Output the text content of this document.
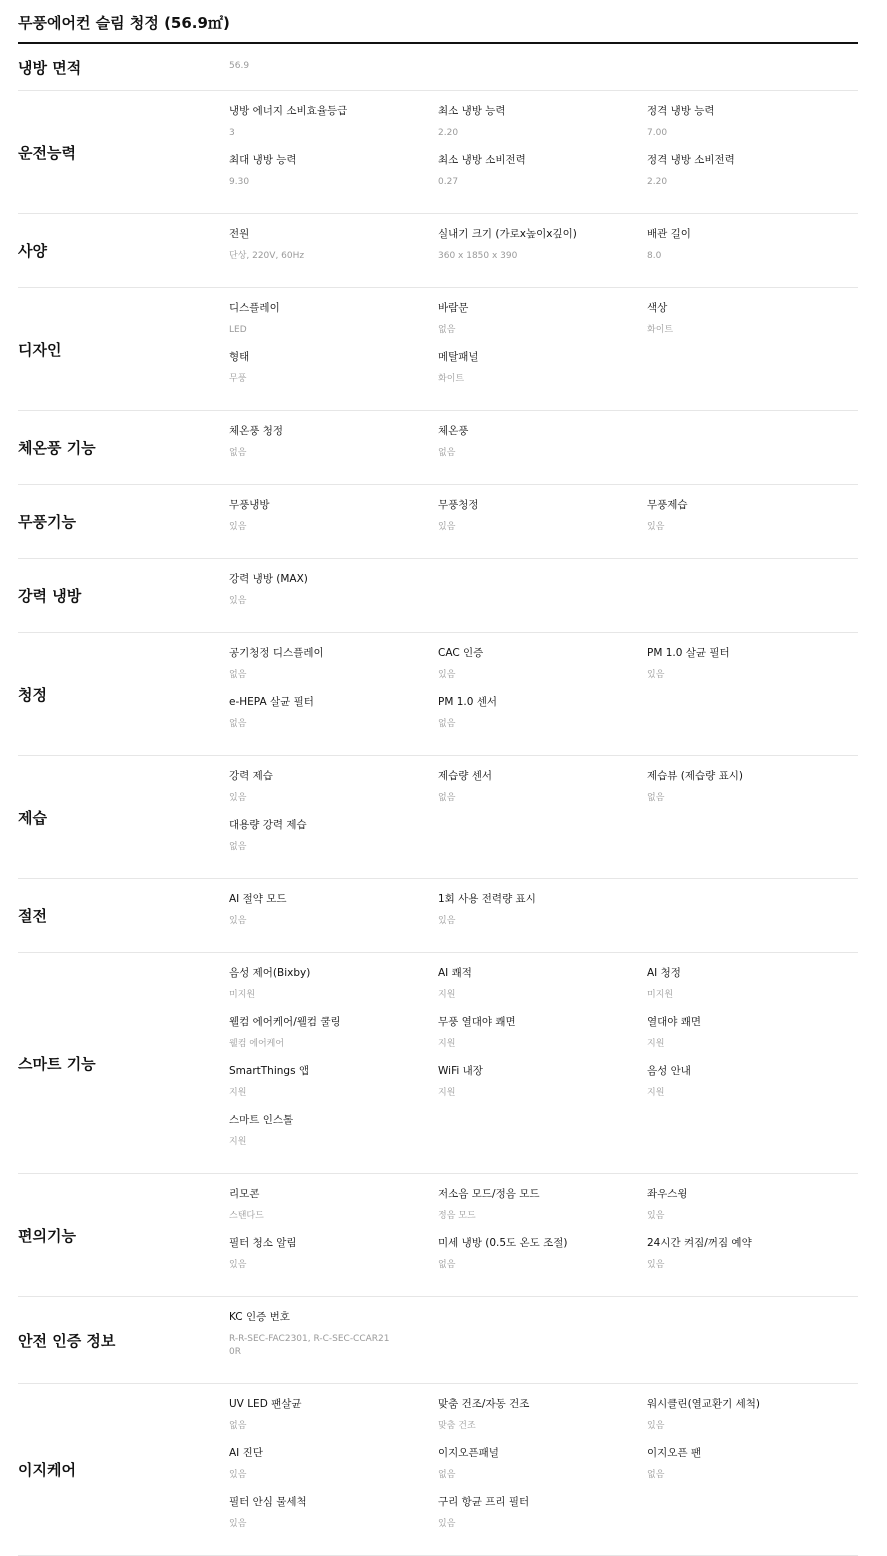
무풍에어컨 슬림 청정 (56.9㎡)
냉방 면적	56.9
운전능력
냉방 에너지 소비효율등급
3
최소 냉방 능력
2.20
정격 냉방 능력
7.00
최대 냉방 능력
9.30
최소 냉방 소비전력
0.27
정격 냉방 소비전력
2.20
사양
전원
단상, 220V, 60Hz
실내기 크기 (가로x높이x깊이)
360 x 1850 x 390
배관 길이
8.0
디자인
디스플레이
LED
바람문
없음
색상
화이트
형태
무풍
메탈패널
화이트
체온풍 기능
체온풍 청정
없음
체온풍
없음
무풍기능
무풍냉방
있음
무풍청정
있음
무풍제습
있음
강력 냉방
강력 냉방 (MAX)
있음
청정
공기청정 디스플레이
없음
CAC 인증
있음
PM 1.0 살균 필터
있음
e-HEPA 살균 필터
없음
PM 1.0 센서
없음
제습
강력 제습
있음
제습량 센서
없음
제습뷰 (제습량 표시)
없음
대용량 강력 제습
없음
절전
AI 절약 모드
있음
1회 사용 전력량 표시
있음
스마트 기능
음성 제어(Bixby)
미지원
AI 쾌적
지원
AI 청정
미지원
웰컴 에어케어/웰컴 쿨링
웰컴 에어케어
무풍 열대야 쾌면
지원
열대야 쾌면
지원
SmartThings 앱
지원
WiFi 내장
지원
음성 안내
지원
스마트 인스톨
지원
편의기능
리모콘
스탠다드
저소음 모드/정음 모드
정음 모드
좌우스윙
있음
필터 청소 알림
있음
미세 냉방 (0.5도 온도 조절)
없음
24시간 켜짐/꺼짐 예약
있음
안전 인증 정보
KC 인증 번호
R-R-SEC-FAC2301, R-C-SEC-CCAR210R
이지케어
UV LED 팬살균
없음
맞춤 건조/자동 건조
맞춤 건조
워시클린(열교환기 세척)
있음
AI 진단
있음
이지오픈패널
없음
이지오픈 팬
없음
필터 안심 물세척
있음
구리 항균 프리 필터
있음
